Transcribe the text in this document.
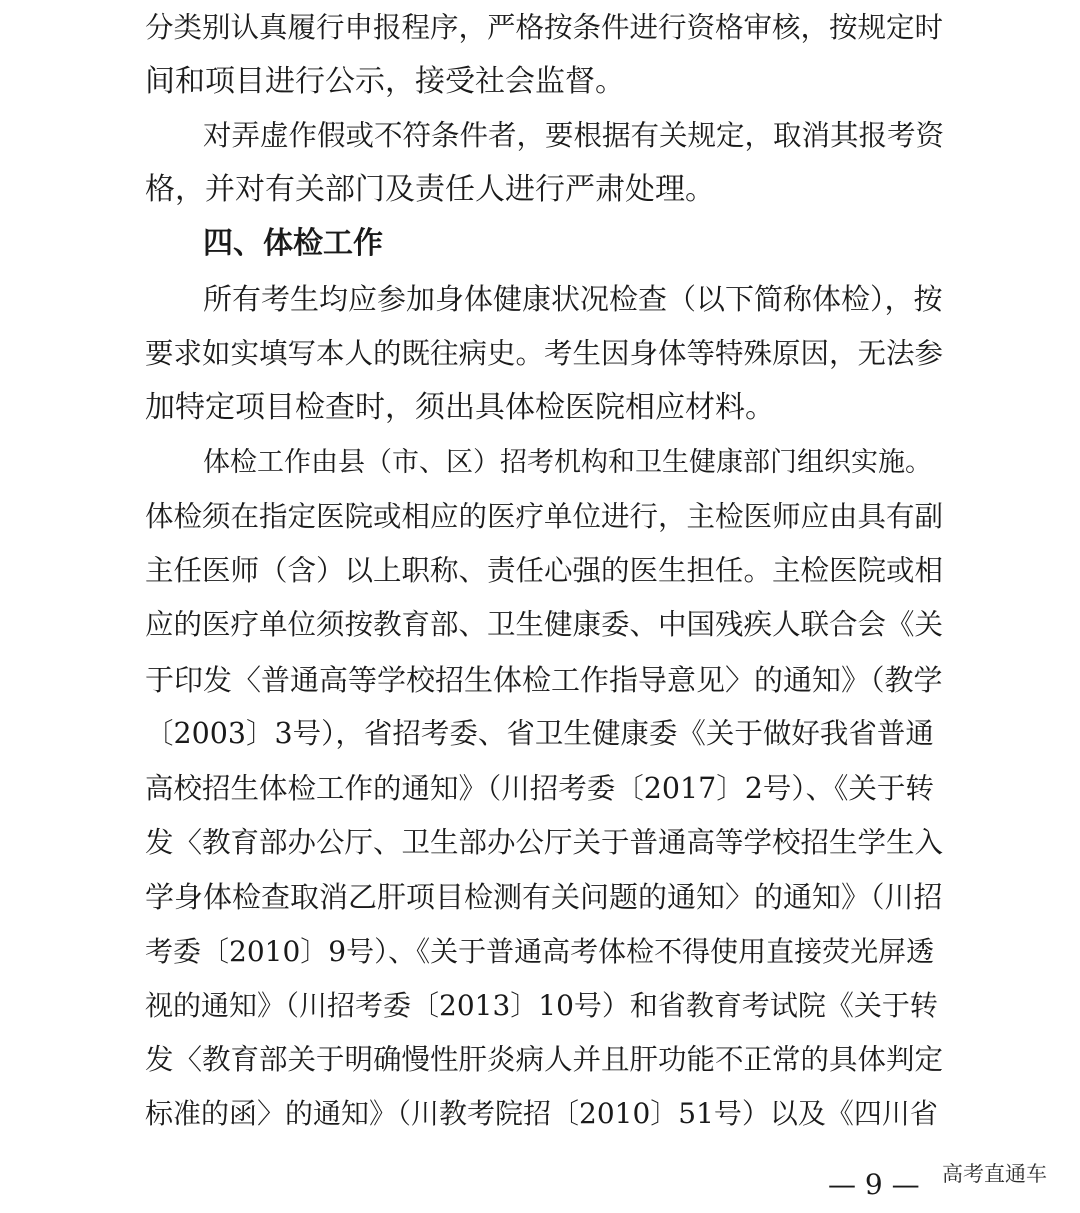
分类别认真履行申报程序，严格按条件进行资格审核，按规定时
间和项目进行公示，接受社会监督。
对弄虚作假或不符条件者，要根据有关规定，取消其报考资
格，并对有关部门及责任人进行严肃处理。
四、体检工作
所有考生均应参加身体健康状况检查（以下简称体检），按
要求如实填写本人的既往病史。考生因身体等特殊原因，无法参
加特定项目检查时，须出具体检医院相应材料。
体检工作由县（市、区）招考机构和卫生健康部门组织实施。
体检须在指定医院或相应的医疗单位进行，主检医师应由具有副
主任医师（含）以上职称、责任心强的医生担任。主检医院或相
应的医疗单位须按教育部、卫生健康委、中国残疾人联合会《关
于印发〈普通高等学校招生体检工作指导意见〉的通知》（教学
〔2003〕3号），省招考委、省卫生健康委《关于做好我省普通
高校招生体检工作的通知》（川招考委〔2017〕2号）、《关于转
发〈教育部办公厅、卫生部办公厅关于普通高等学校招生学生入
学身体检查取消乙肝项目检测有关问题的通知〉的通知》（川招
考委〔2010〕9号）、《关于普通高考体检不得使用直接荧光屏透
视的通知》（川招考委〔2013〕10号）和省教育考试院《关于转
发〈教育部关于明确慢性肝炎病人并且肝功能不正常的具体判定
标准的函〉的通知》（川教考院招〔2010〕51号）以及《四川省
— 9 — 高考直通车
